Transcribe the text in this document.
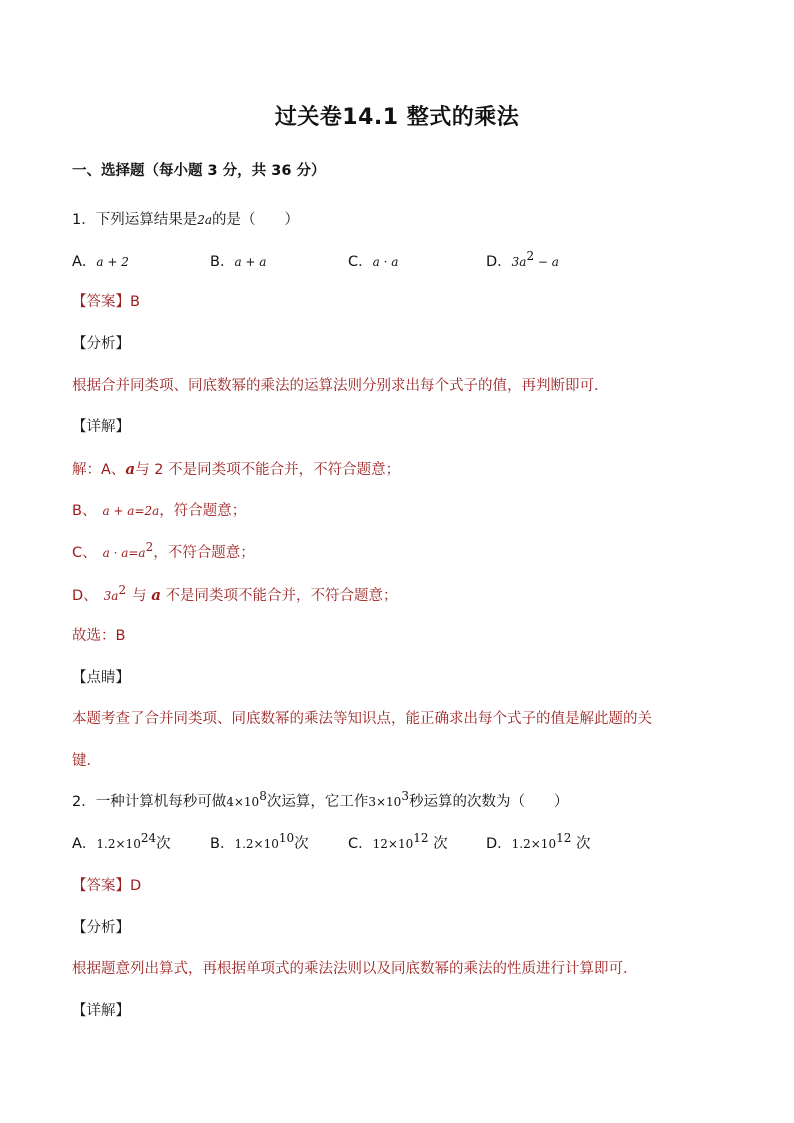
过关卷14.1 整式的乘法
一、选择题（每小题 3 分，共 36 分）
1．下列运算结果是2a的是（　　）
A．a + 2	B．a + a	C．a · a	D．$3a^2 - a$
【答案】B
【分析】
根据合并同类项、同底数幂的乘法的运算法则分别求出每个式子的值，再判断即可．
【详解】
解：A、a与 2 不是同类项不能合并，不符合题意；
B、 a + a=2a，符合题意；
C、 $a \cdot a=a^2$，不符合题意；
D、 $3a^2$ 与 a 不是同类项不能合并，不符合题意；
故选：B
【点睛】
本题考查了合并同类项、同底数幂的乘法等知识点，能正确求出每个式子的值是解此题的关
键．
2．一种计算机每秒可做$4\times 10^8$次运算，它工作$3\times 10^3$秒运算的次数为（　　）
A．$1.2\times 10^{24}$次	B．$1.2\times 10^{10}$次	C．$12\times 10^{12}$ 次	D．$1.2\times 10^{12}$ 次
【答案】D
【分析】
根据题意列出算式，再根据单项式的乘法法则以及同底数幂的乘法的性质进行计算即可．
【详解】
